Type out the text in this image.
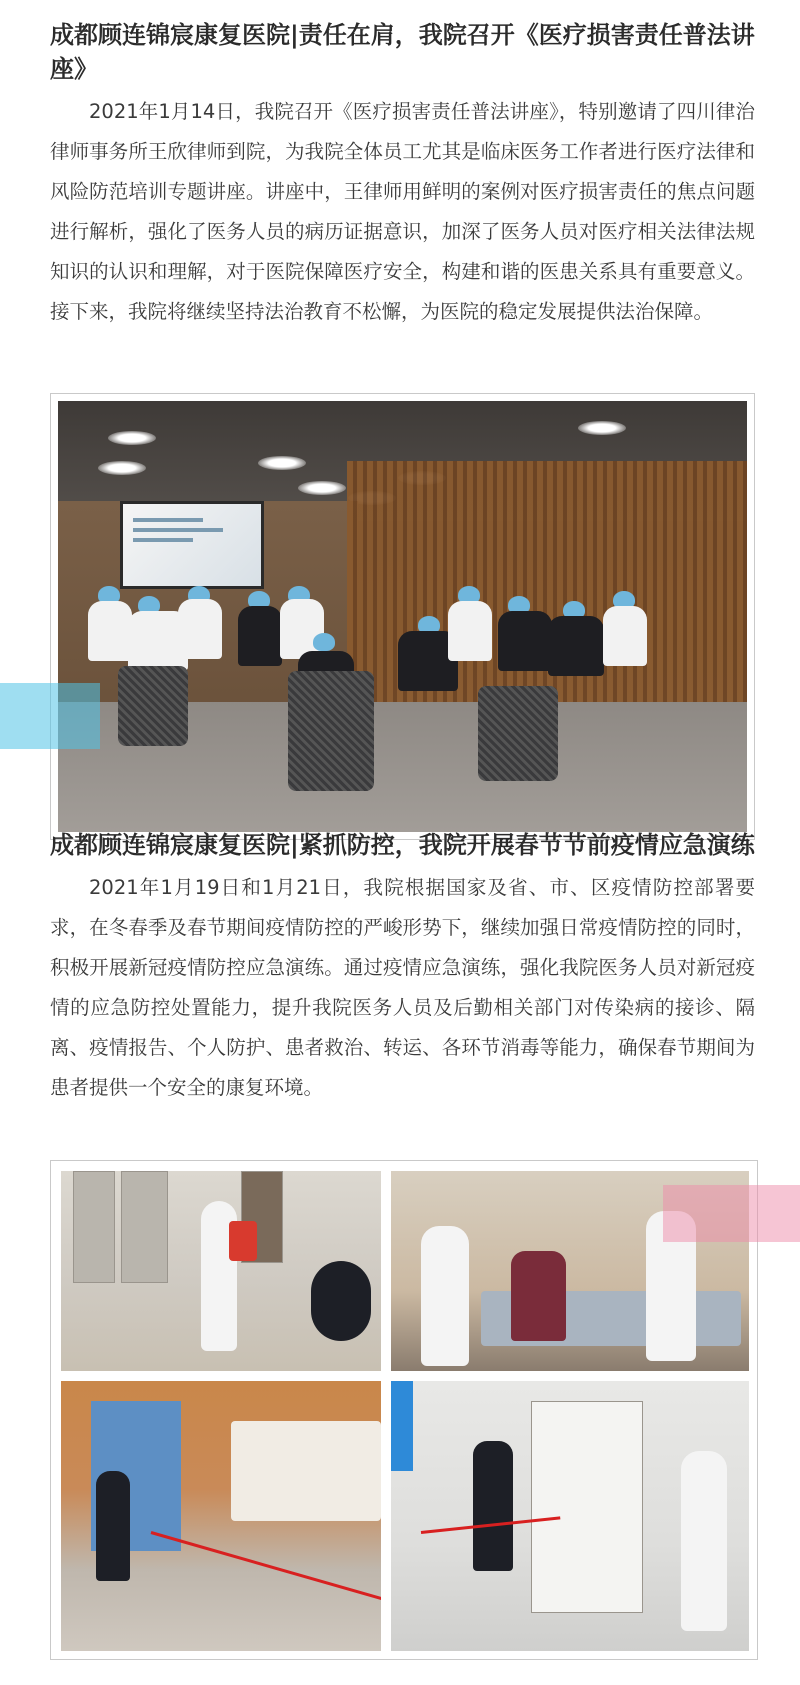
成都顾连锦宸康复医院|责任在肩，我院召开《医疗损害责任普法讲座》

2021年1月14日，我院召开《医疗损害责任普法讲座》，特别邀请了四川律治律师事务所王欣律师到院，为我院全体员工尤其是临床医务工作者进行医疗法律和风险防范培训专题讲座。讲座中，王律师用鲜明的案例对医疗损害责任的焦点问题进行解析，强化了医务人员的病历证据意识，加深了医务人员对医疗相关法律法规知识的认识和理解，对于医院保障医疗安全，构建和谐的医患关系具有重要意义。接下来，我院将继续坚持法治教育不松懈，为医院的稳定发展提供法治保障。

成都顾连锦宸康复医院|紧抓防控，我院开展春节节前疫情应急演练

2021年1月19日和1月21日，我院根据国家及省、市、区疫情防控部署要求，在冬春季及春节期间疫情防控的严峻形势下，继续加强日常疫情防控的同时，积极开展新冠疫情防控应急演练。通过疫情应急演练，强化我院医务人员对新冠疫情的应急防控处置能力，提升我院医务人员及后勤相关部门对传染病的接诊、隔离、疫情报告、个人防护、患者救治、转运、各环节消毒等能力，确保春节期间为患者提供一个安全的康复环境。
